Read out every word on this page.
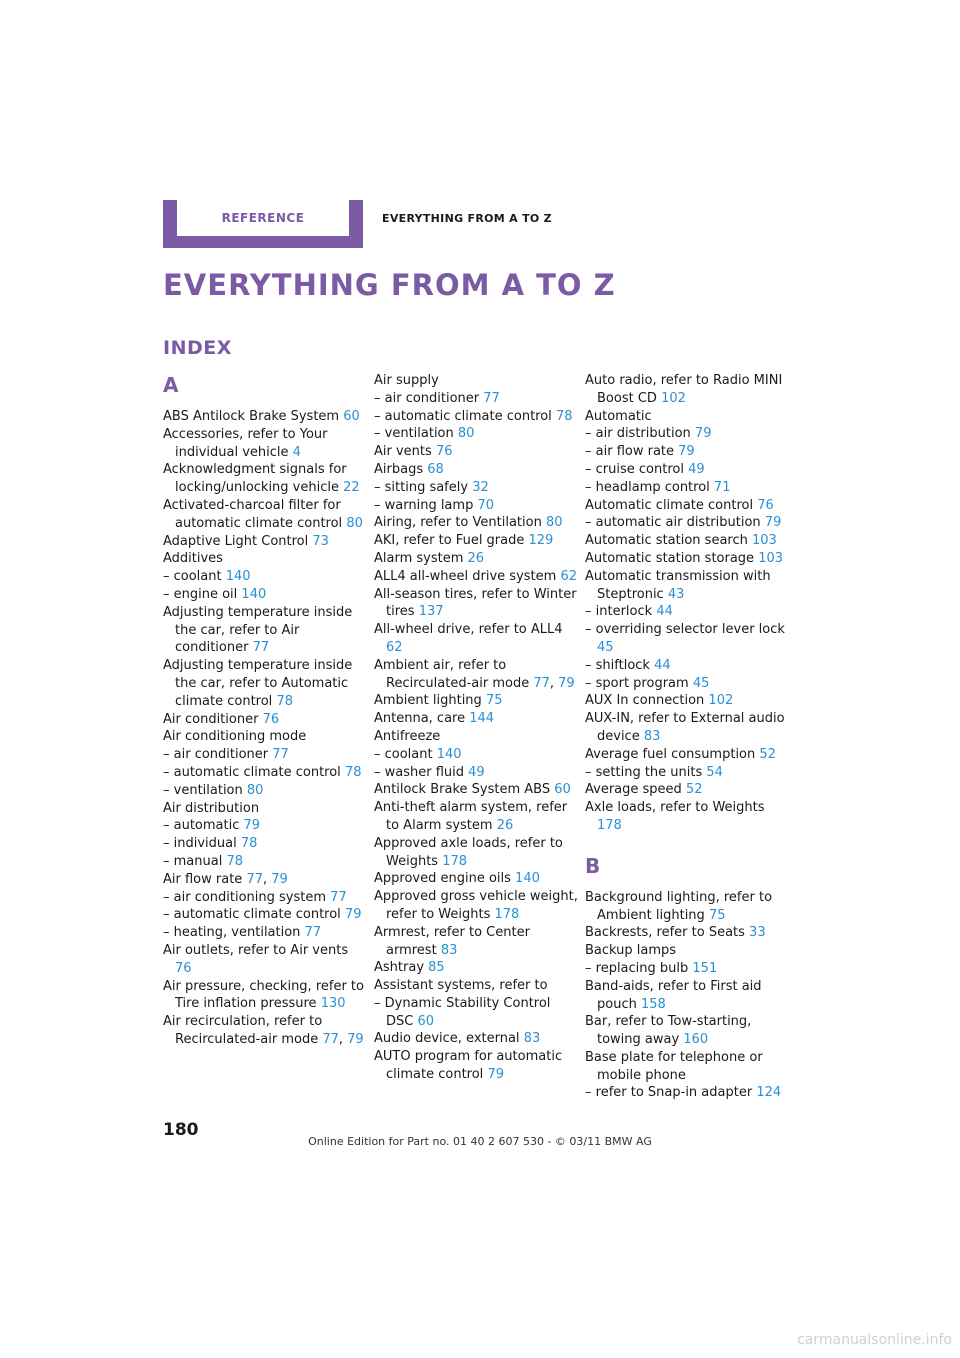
REFERENCE	EVERYTHING FROM A TO Z
EVERYTHING FROM A TO Z
INDEX
A

ABS Antilock Brake System 60

Accessories, refer to Your individual vehicle 4

Acknowledgment signals for locking/unlocking vehicle 22

Activated-charcoal filter for automatic climate control 80

Adaptive Light Control 73

Additives

– coolant 140

– engine oil 140

Adjusting temperature inside the car, refer to Air conditioner 77

Adjusting temperature inside the car, refer to Automatic climate control 78

Air conditioner 76

Air conditioning mode

– air conditioner 77

– automatic climate control 78

– ventilation 80

Air distribution

– automatic 79

– individual 78

– manual 78

Air flow rate 77, 79

– air conditioning system 77

– automatic climate control 79

– heating, ventilation 77

Air outlets, refer to Air vents 76

Air pressure, checking, refer to Tire inflation pressure 130

Air recirculation, refer to Recirculated-air mode 77, 79

Air supply

– air conditioner 77

– automatic climate control 78

– ventilation 80

Air vents 76

Airbags 68

– sitting safely 32

– warning lamp 70

Airing, refer to Ventilation 80

AKI, refer to Fuel grade 129

Alarm system 26

ALL4 all-wheel drive system 62

All-season tires, refer to Winter tires 137

All-wheel drive, refer to ALL4 62

Ambient air, refer to Recirculated-air mode 77, 79

Ambient lighting 75

Antenna, care 144

Antifreeze

– coolant 140

– washer fluid 49

Antilock Brake System ABS 60

Anti-theft alarm system, refer to Alarm system 26

Approved axle loads, refer to Weights 178

Approved engine oils 140

Approved gross vehicle weight, refer to Weights 178

Armrest, refer to Center armrest 83

Ashtray 85

Assistant systems, refer to

– Dynamic Stability Control DSC 60

Audio device, external 83

AUTO program for automatic climate control 79

Auto radio, refer to Radio MINI Boost CD 102

Automatic

– air distribution 79

– air flow rate 79

– cruise control 49

– headlamp control 71

Automatic climate control 76

– automatic air distribution 79

Automatic station search 103

Automatic station storage 103

Automatic transmission with Steptronic 43

– interlock 44

– overriding selector lever lock 45

– shiftlock 44

– sport program 45

AUX In connection 102

AUX-IN, refer to External audio device 83

Average fuel consumption 52

– setting the units 54

Average speed 52

Axle loads, refer to Weights 178

B

Background lighting, refer to Ambient lighting 75

Backrests, refer to Seats 33

Backup lamps

– replacing bulb 151

Band-aids, refer to First aid pouch 158

Bar, refer to Tow-starting, towing away 160

Base plate for telephone or mobile phone

– refer to Snap-in adapter 124

180
Online Edition for Part no. 01 40 2 607 530 - © 03/11 BMW AG
carmanualsonline.info
